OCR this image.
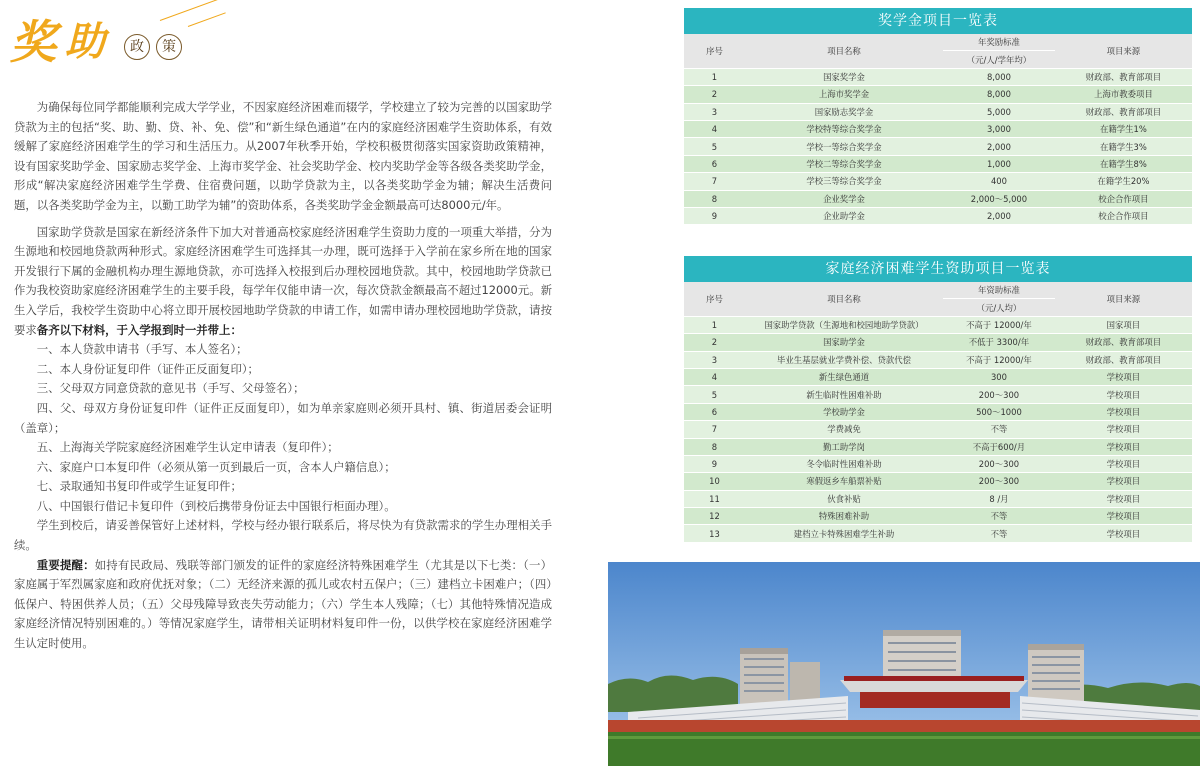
奖 助	政	策

为确保每位同学都能顺利完成大学学业，不因家庭经济困难而辍学，学校建立了较为完善的以国家助学贷款为主的包括“奖、助、勤、贷、补、免、偿”和“新生绿色通道”在内的家庭经济困难学生资助体系，有效缓解了家庭经济困难学生的学习和生活压力。从2007年秋季开始，学校积极贯彻落实国家资助政策精神，设有国家奖助学金、国家励志奖学金、上海市奖学金、社会奖助学金、校内奖助学金等各级各类奖助学金，形成“解决家庭经济困难学生学费、住宿费问题，以助学贷款为主，以各类奖助学金为辅；解决生活费问题，以各类奖助学金为主，以勤工助学为辅”的资助体系，各类奖助学金金额最高可达8000元/年。

国家助学贷款是国家在新经济条件下加大对普通高校家庭经济困难学生资助力度的一项重大举措，分为生源地和校园地贷款两种形式。家庭经济困难学生可选择其一办理，既可选择于入学前在家乡所在地的国家开发银行下属的金融机构办理生源地贷款，亦可选择入校报到后办理校园地贷款。其中，校园地助学贷款已作为我校资助家庭经济困难学生的主要手段，每学年仅能申请一次，每次贷款金额最高不超过12000元。新生入学后，我校学生资助中心将立即开展校园地助学贷款的申请工作，如需申请办理校园地助学贷款，请按要求备齐以下材料，于入学报到时一并带上：

一、本人贷款申请书（手写、本人签名）；

二、本人身份证复印件（证件正反面复印）；

三、父母双方同意贷款的意见书（手写、父母签名）；

四、父、母双方身份证复印件（证件正反面复印），如为单亲家庭则必须开具村、镇、街道居委会证明（盖章）；

五、上海海关学院家庭经济困难学生认定申请表（复印件）；

六、家庭户口本复印件（必须从第一页到最后一页，含本人户籍信息）；

七、录取通知书复印件或学生证复印件；

八、中国银行借记卡复印件（到校后携带身份证去中国银行柜面办理）。

学生到校后，请妥善保管好上述材料，学校与经办银行联系后，将尽快为有贷款需求的学生办理相关手续。

重要提醒：如持有民政局、残联等部门颁发的证件的家庭经济特殊困难学生（尤其是以下七类：（一）家庭属于军烈属家庭和政府优抚对象；（二）无经济来源的孤儿或农村五保户；（三）建档立卡困难户；（四）低保户、特困供养人员；（五）父母残障导致丧失劳动能力；（六）学生本人残障；（七）其他特殊情况造成家庭经济情况特别困难的。）等情况家庭学生，请带相关证明材料复印件一份，以供学校在家庭经济困难学生认定时使用。

奖学金项目一览表
序号	项目名称	年奖励标准	项目来源
		（元/人/学年均）	
1	国家奖学金	8,000	财政部、教育部项目
2	上海市奖学金	8,000	上海市教委项目
3	国家励志奖学金	5,000	财政部、教育部项目
4	学校特等综合奖学金	3,000	在籍学生1%
5	学校一等综合奖学金	2,000	在籍学生3%
6	学校二等综合奖学金	1,000	在籍学生8%
7	学校三等综合奖学金	400	在籍学生20%
8	企业奖学金	2,000～5,000	校企合作项目
9	企业助学金	2,000	校企合作项目
家庭经济困难学生资助项目一览表
序号	项目名称	年资助标准	项目来源
		（元/人均）	
1	国家助学贷款（生源地和校园地助学贷款）	不高于 12000/年	国家项目
2	国家助学金	不低于 3300/年	财政部、教育部项目
3	毕业生基层就业学费补偿、贷款代偿	不高于 12000/年	财政部、教育部项目
4	新生绿色通道	300	学校项目
5	新生临时性困难补助	200～300	学校项目
6	学校助学金	500～1000	学校项目
7	学费减免	不等	学校项目
8	勤工助学岗	不高于600/月	学校项目
9	冬令临时性困难补助	200～300	学校项目
10	寒假返乡车船票补贴	200～300	学校项目
11	伙食补贴	8 /月	学校项目
12	特殊困难补助	不等	学校项目
13	建档立卡特殊困难学生补助	不等	学校项目
